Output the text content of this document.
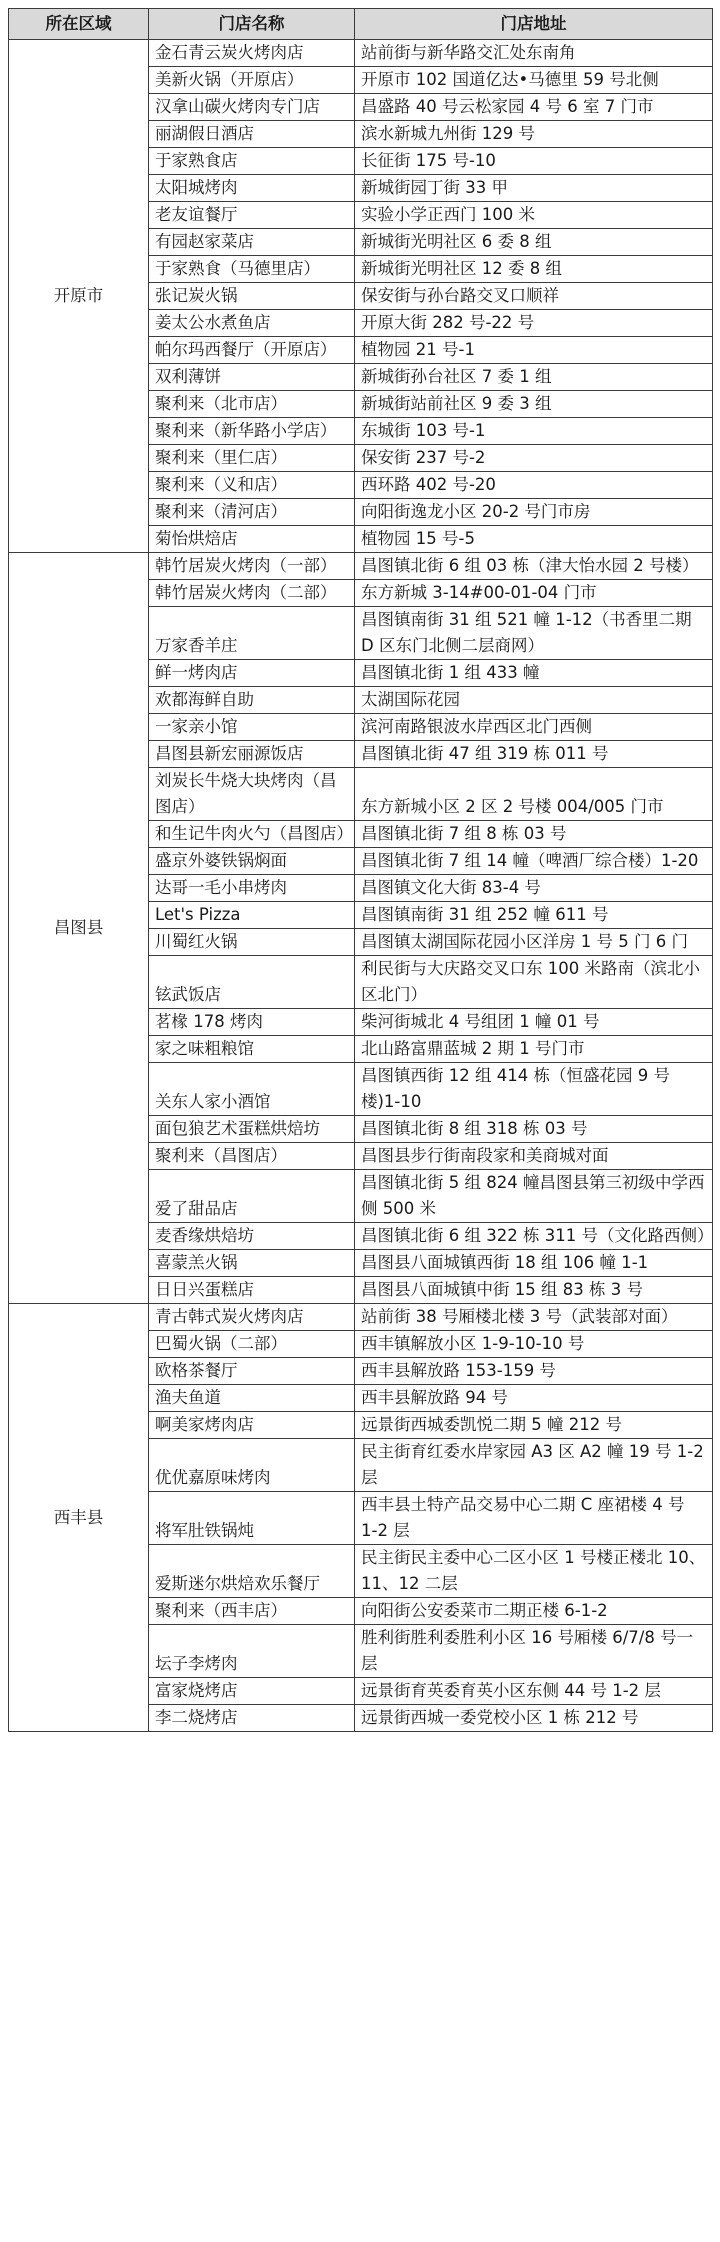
所在区域	门店名称	门店地址
开原市	金石青云炭火烤肉店	站前街与新华路交汇处东南角
	美新火锅（开原店）	开原市 102 国道亿达•马德里 59 号北侧
	汉拿山碳火烤肉专门店	昌盛路 40 号云松家园 4 号 6 室 7 门市
	丽湖假日酒店	滨水新城九州街 129 号
	于家熟食店	长征街 175 号-10
	太阳城烤肉	新城街园丁街 33 甲
	老友谊餐厅	实验小学正西门 100 米
	有园赵家菜店	新城街光明社区 6 委 8 组
	于家熟食（马德里店）	新城街光明社区 12 委 8 组
	张记炭火锅	保安街与孙台路交叉口顺祥
	姜太公水煮鱼店	开原大街 282 号-22 号
	帕尔玛西餐厅（开原店）	植物园 21 号-1
	双利薄饼	新城街孙台社区 7 委 1 组
	聚利来（北市店）	新城街站前社区 9 委 3 组
	聚利来（新华路小学店）	东城街 103 号-1
	聚利来（里仁店）	保安街 237 号-2
	聚利来（义和店）	西环路 402 号-20
	聚利来（清河店）	向阳街逸龙小区 20-2 号门市房
	菊怡烘焙店	植物园 15 号-5
昌图县	韩竹居炭火烤肉（一部）	昌图镇北街 6 组 03 栋（津大怡水园 2 号楼）
	韩竹居炭火烤肉（二部）	东方新城 3-14#00-01-04 门市
	万家香羊庄	昌图镇南街 31 组 521 幢 1-12（书香里二期 D 区东门北侧二层商网）
	鲜一烤肉店	昌图镇北街 1 组 433 幢
	欢都海鲜自助	太湖国际花园
	一家亲小馆	滨河南路银波水岸西区北门西侧
	昌图县新宏丽源饭店	昌图镇北街 47 组 319 栋 011 号
	刘炭长牛烧大块烤肉（昌图店）	东方新城小区 2 区 2 号楼 004/005 门市
	和生记牛肉火勺（昌图店）	昌图镇北街 7 组 8 栋 03 号
	盛京外婆铁锅焖面	昌图镇北街 7 组 14 幢（啤酒厂综合楼）1-20
	达哥一毛小串烤肉	昌图镇文化大街 83-4 号
	Let's Pizza	昌图镇南街 31 组 252 幢 611 号
	川蜀红火锅	昌图镇太湖国际花园小区洋房 1 号 5 门 6 门
	铉武饭店	利民街与大庆路交叉口东 100 米路南（滨北小区北门）
	茗椽 178 烤肉	柴河街城北 4 号组团 1 幢 01 号
	家之味粗粮馆	北山路富鼎蓝城 2 期 1 号门市
	关东人家小酒馆	昌图镇西街 12 组 414 栋（恒盛花园 9 号楼)1-10
	面包狼艺术蛋糕烘焙坊	昌图镇北街 8 组 318 栋 03 号
	聚利来（昌图店）	昌图县步行街南段家和美商城对面
	爱了甜品店	昌图镇北街 5 组 824 幢昌图县第三初级中学西侧 500 米
	麦香缘烘焙坊	昌图镇北街 6 组 322 栋 311 号（文化路西侧）
	喜蒙羔火锅	昌图县八面城镇西街 18 组 106 幢 1-1
	日日兴蛋糕店	昌图县八面城镇中街 15 组 83 栋 3 号
西丰县	青古韩式炭火烤肉店	站前街 38 号厢楼北楼 3 号（武装部对面）
	巴蜀火锅（二部）	西丰镇解放小区 1-9-10-10 号
	欧格茶餐厅	西丰县解放路 153-159 号
	渔夫鱼道	西丰县解放路 94 号
	啊美家烤肉店	远景街西城委凯悦二期 5 幢 212 号
	优优嘉原味烤肉	民主街育红委水岸家园 A3 区 A2 幢 19 号 1-2 层
	将军肚铁锅炖	西丰县土特产品交易中心二期 C 座裙楼 4 号 1-2 层
	爱斯迷尔烘焙欢乐餐厅	民主街民主委中心二区小区 1 号楼正楼北 10、11、12 二层
	聚利来（西丰店）	向阳街公安委菜市二期正楼 6-1-2
	坛子李烤肉	胜利街胜利委胜利小区 16 号厢楼 6/7/8 号一层
	富家烧烤店	远景街育英委育英小区东侧 44 号 1-2 层
	李二烧烤店	远景街西城一委党校小区 1 栋 212 号
